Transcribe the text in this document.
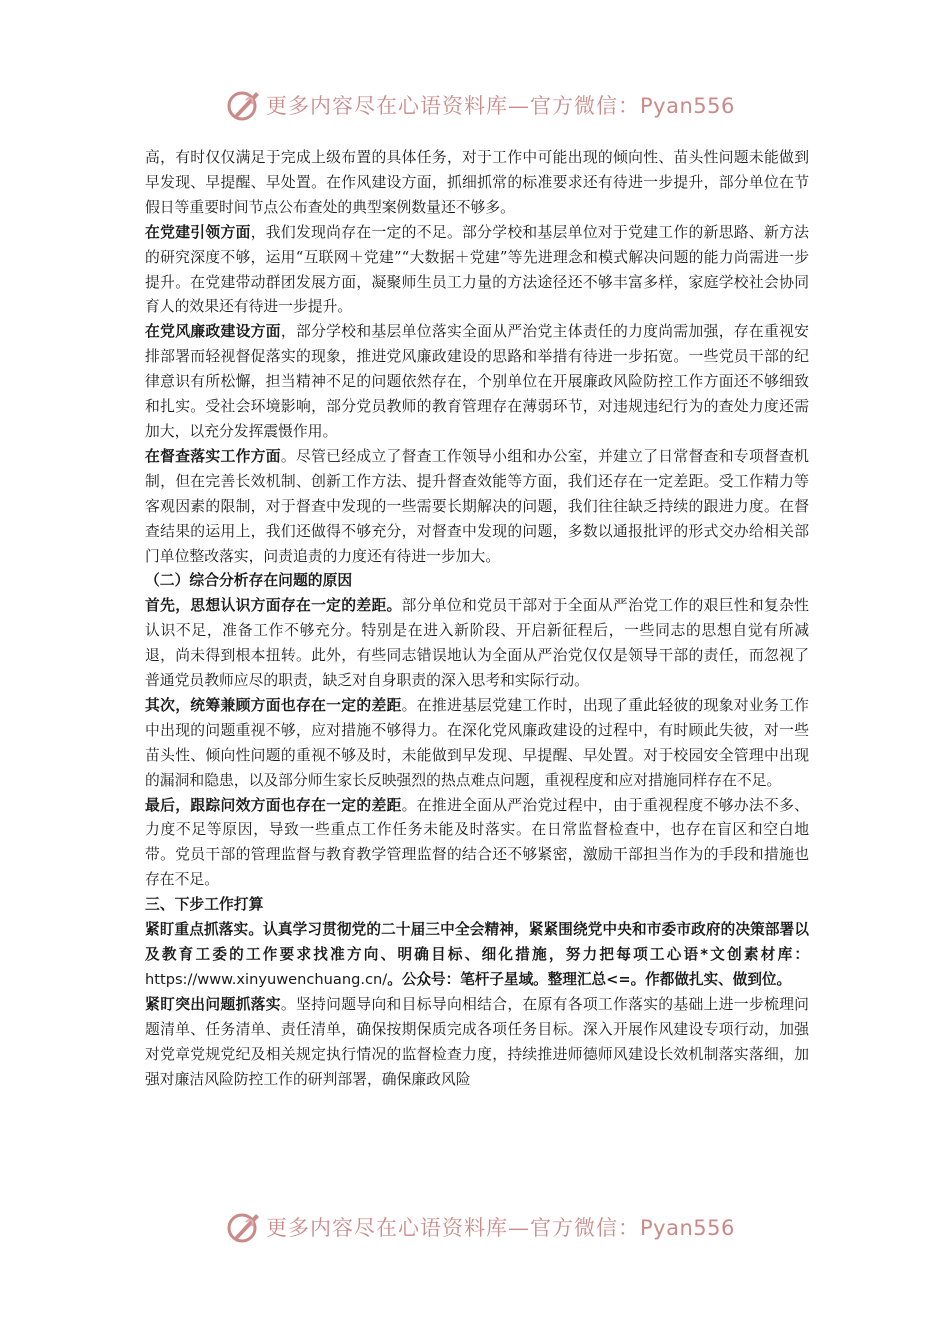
更多内容尽在心语资料库—官方微信：Pyan556

高，有时仅仅满足于完成上级布置的具体任务，对于工作中可能出现的倾向性、苗头性问题未能做到早发现、早提醒、早处置。在作风建设方面，抓细抓常的标准要求还有待进一步提升，部分单位在节假日等重要时间节点公布查处的典型案例数量还不够多。

在党建引领方面，我们发现尚存在一定的不足。部分学校和基层单位对于党建工作的新思路、新方法的研究深度不够，运用“互联网＋党建”“大数据＋党建”等先进理念和模式解决问题的能力尚需进一步提升。在党建带动群团发展方面，凝聚师生员工力量的方法途径还不够丰富多样，家庭学校社会协同育人的效果还有待进一步提升。

在党风廉政建设方面，部分学校和基层单位落实全面从严治党主体责任的力度尚需加强，存在重视安排部署而轻视督促落实的现象，推进党风廉政建设的思路和举措有待进一步拓宽。一些党员干部的纪律意识有所松懈，担当精神不足的问题依然存在，个别单位在开展廉政风险防控工作方面还不够细致和扎实。受社会环境影响，部分党员教师的教育管理存在薄弱环节，对违规违纪行为的查处力度还需加大，以充分发挥震慑作用。

在督查落实工作方面。尽管已经成立了督查工作领导小组和办公室，并建立了日常督查和专项督查机制，但在完善长效机制、创新工作方法、提升督查效能等方面，我们还存在一定差距。受工作精力等客观因素的限制，对于督查中发现的一些需要长期解决的问题，我们往往缺乏持续的跟进力度。在督查结果的运用上，我们还做得不够充分，对督查中发现的问题，多数以通报批评的形式交办给相关部门单位整改落实，问责追责的力度还有待进一步加大。

（二）综合分析存在问题的原因

首先，思想认识方面存在一定的差距。部分单位和党员干部对于全面从严治党工作的艰巨性和复杂性认识不足，准备工作不够充分。特别是在进入新阶段、开启新征程后，一些同志的思想自觉有所减退，尚未得到根本扭转。此外，有些同志错误地认为全面从严治党仅仅是领导干部的责任，而忽视了普通党员教师应尽的职责，缺乏对自身职责的深入思考和实际行动。

其次，统筹兼顾方面也存在一定的差距。在推进基层党建工作时，出现了重此轻彼的现象对业务工作中出现的问题重视不够，应对措施不够得力。在深化党风廉政建设的过程中，有时顾此失彼，对一些苗头性、倾向性问题的重视不够及时，未能做到早发现、早提醒、早处置。对于校园安全管理中出现的漏洞和隐患，以及部分师生家长反映强烈的热点难点问题，重视程度和应对措施同样存在不足。

最后，跟踪问效方面也存在一定的差距。在推进全面从严治党过程中，由于重视程度不够办法不多、力度不足等原因，导致一些重点工作任务未能及时落实。在日常监督检查中，也存在盲区和空白地带。党员干部的管理监督与教育教学管理监督的结合还不够紧密，激励干部担当作为的手段和措施也存在不足。

三、下步工作打算

紧盯重点抓落实。认真学习贯彻党的二十届三中全会精神，紧紧围绕党中央和市委市政府的决策部署以及教育工委的工作要求找准方向、明确目标、细化措施，努力把每项工心语*文创素材库：https://www.xinyuwenchuang.cn/。公众号：笔杆子星域。整理汇总<=。作都做扎实、做到位。

紧盯突出问题抓落实。坚持问题导向和目标导向相结合，在原有各项工作落实的基础上进一步梳理问题清单、任务清单、责任清单，确保按期保质完成各项任务目标。深入开展作风建设专项行动，加强对党章党规党纪及相关规定执行情况的监督检查力度，持续推进师德师风建设长效机制落实落细，加强对廉洁风险防控工作的研判部署，确保廉政风险

更多内容尽在心语资料库—官方微信：Pyan556
